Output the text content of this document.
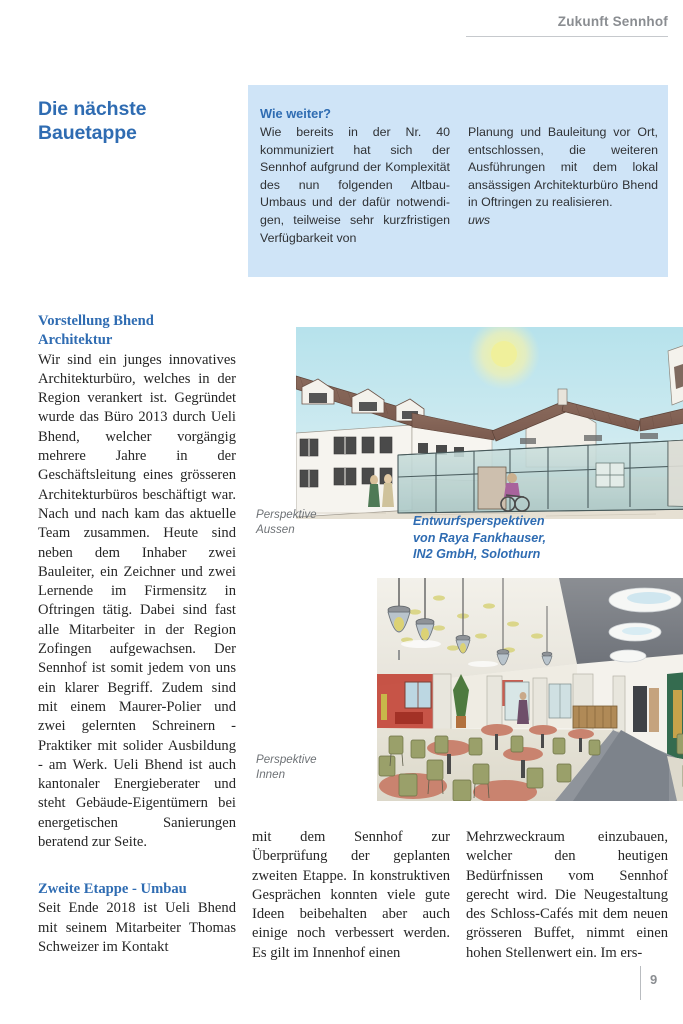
Zukunft Sennhof
Die nächste
Bauetappe
Wie weiter?
Wie bereits in der Nr. 40 kommuniziert hat sich der Sennhof aufgrund der Komplexität des nun folgenden Altbau-Umbaus und der dafür notwendigen, teilweise sehr kurzfristigen Verfügbarkeit von
Planung und Bauleitung vor Ort, entschlossen, die weiteren Ausführungen mit dem lokal ansässigen Architekturbüro Bhend in Oftringen zu realisieren.
uws
Vorstellung Bhend
Architektur

Wir sind ein junges innovatives Architekturbüro, welches in der Region verankert ist. Gegründet wurde das Büro 2013 durch Ueli Bhend, welcher vorgängig mehrere Jahre in der Geschäftsleitung eines grösseren Architekturbüros beschäftigt war. Nach und nach kam das aktuelle Team zusammen. Heute sind neben dem Inhaber zwei Bauleiter, ein Zeichner und zwei Lernende im Firmensitz in Oftringen tätig. Dabei sind fast alle Mitarbeiter in der Region Zofingen aufgewachsen. Der Sennhof ist somit jedem von uns ein klarer Begriff. Zudem sind mit einem Maurer-Polier und zwei gelernten Schreinern - Praktiker mit solider Ausbildung - am Werk. Ueli Bhend ist auch kantonaler Energieberater und steht Gebäude-Eigentümern bei energetischen Sanierungen beratend zur Seite.

Zweite Etappe - Umbau

Seit Ende 2018 ist Ueli Bhend mit seinem Mitarbeiter Thomas Schweizer im Kontakt

Perspektive
Aussen
Entwurfsperspektiven
von Raya Fankhauser,
IN2 GmbH, Solothurn
Perspektive
Innen

mit dem Sennhof zur Überprüfung der geplanten zweiten Etappe. In konstruktiven Gesprächen konnten viele gute Ideen beibehalten aber auch einige noch verbessert werden. Es gilt im Innenhof einen

Mehrzweckraum einzubauen, welcher den heutigen Bedürfnissen vom Sennhof gerecht wird. Die Neugestaltung des Schloss-Cafés mit dem neuen grösseren Buffet, nimmt einen hohen Stellenwert ein. Im ers-

9
